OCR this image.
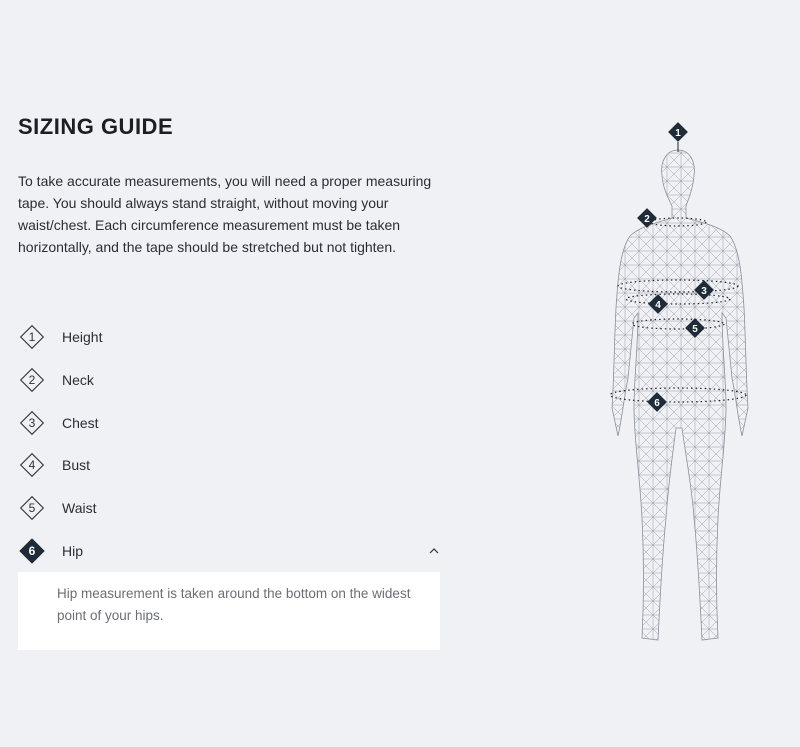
SIZING GUIDE

To take accurate measurements, you will need a proper measuring tape. You should always stand straight, without moving your waist/chest. Each circumference measurement must be taken horizontally, and the tape should be stretched but not tighten.

1	Height
2	Neck
3	Chest
4	Bust
5	Waist
6	Hip

Hip measurement is taken around the bottom on the widest point of your hips.

1
2
3
4
5
6
